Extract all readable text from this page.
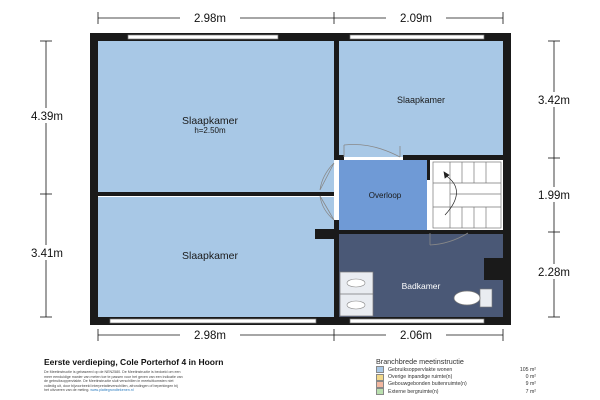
Slaapkamer
h=2.50m
Slaapkamer
Slaapkamer
Overloop
Badkamer
2.98m	2.09m
2.98m	2.06m
4.39m
3.41m
3.42m
1.99m
2.28m
Eerste verdieping, Cole Porterhof 4 in Hoorn
De Meetinstructie is gebaseerd op de NEN2580. De Meetinstructie is bedoeld om een
meer eenduidige manier van meten toe te passen voor het geven van een indicatie van
de gebruiksoppervlakte. De Meetinstructie sluit verschillen in meetuitkomsten niet
volledig uit, door bijvoorbeeld interpretatieverschillen, afrondingen of beperkingen bij
het uitvoeren van de meting. www.plattegrondtekenen.nl
Branchbrede meetinstructie
Gebruiksoppervlakte wonen	105 m²
Overige inpandige ruimte(n)	0 m²
Gebouwgebonden buitenruimte(n)	9 m²
Externe bergruimte(n)	7 m²
